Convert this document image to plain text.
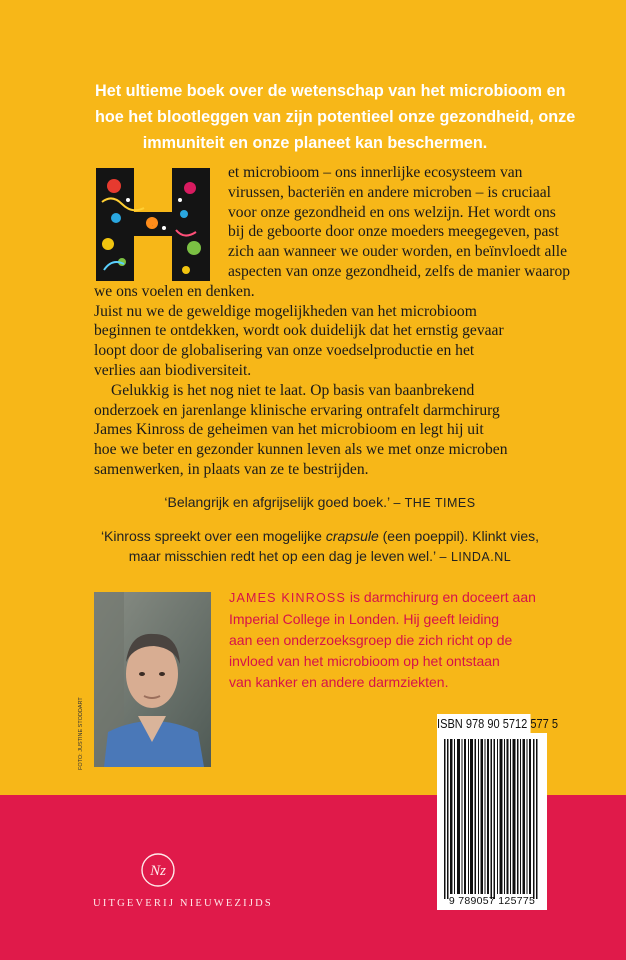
Het ultieme boek over de wetenschap van het microbioom en
hoe het blootleggen van zijn potentieel onze gezondheid, onze
immuniteit en onze planeet kan beschermen.

H
et microbioom – ons innerlijke ecosysteem van
virussen, bacteriën en andere microben – is cruciaal
voor onze gezondheid en ons welzijn. Het wordt ons
bij de geboorte door onze moeders meegegeven, past
zich aan wanneer we ouder worden, en beïnvloedt alle
aspecten van onze gezondheid, zelfs de manier waarop
we ons voelen en denken.
Juist nu we de geweldige mogelijkheden van het microbioom
beginnen te ontdekken, wordt ook duidelijk dat het ernstig gevaar
loopt door de globalisering van onze voedselproductie en het
verlies aan biodiversiteit.
Gelukkig is het nog niet te laat. Op basis van baanbrekend
onderzoek en jarenlange klinische ervaring ontrafelt darmchirurg
James Kinross de geheimen van het microbioom en legt hij uit
hoe we beter en gezonder kunnen leven als we met onze microben
samenwerken, in plaats van ze te bestrijden.
‘Belangrijk en afgrijselijk goed boek.’ – THE TIMES
‘Kinross spreekt over een mogelijke crapsule (een poeppil). Klinkt vies,
maar misschien redt het op een dag je leven wel.’ – LINDA.NL
FOTO: JUSTINE STODDART
JAMES KINROSS is darmchirurg en doceert aan
Imperial College in Londen. Hij geeft leiding
aan een onderzoeksgroep die zich richt op de
invloed van het microbioom op het ontstaan
van kanker en andere darmziekten.
Nz
UITGEVERIJ NIEUWEZIJDS
ISBN 978 90 5712 577 5
9 789057 125775
